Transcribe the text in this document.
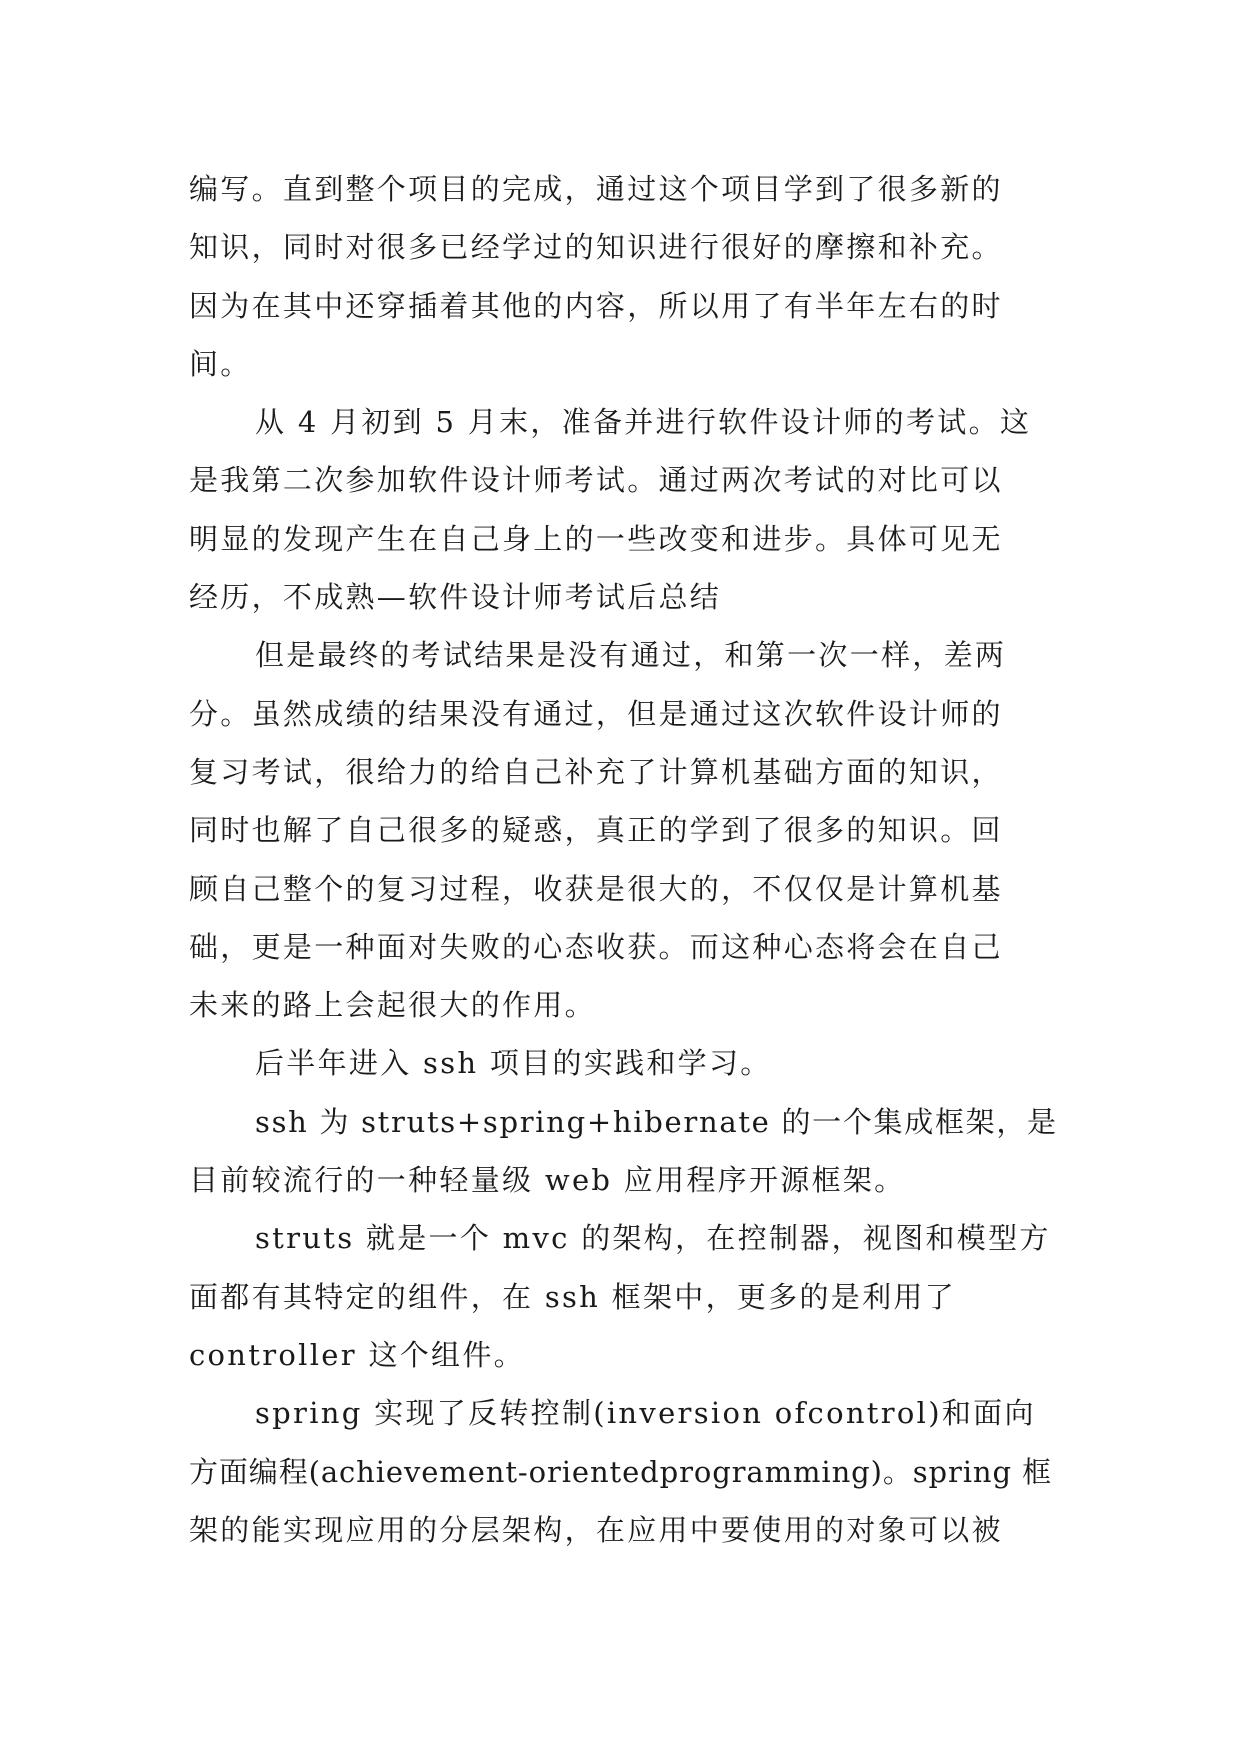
编写。直到整个项目的完成，通过这个项目学到了很多新的
知识，同时对很多已经学过的知识进行很好的摩擦和补充。
因为在其中还穿插着其他的内容，所以用了有半年左右的时
间。
从 4 月初到 5 月末，准备并进行软件设计师的考试。这
是我第二次参加软件设计师考试。通过两次考试的对比可以
明显的发现产生在自己身上的一些改变和进步。具体可见无
经历，不成熟—软件设计师考试后总结
但是最终的考试结果是没有通过，和第一次一样，差两
分。虽然成绩的结果没有通过，但是通过这次软件设计师的
复习考试，很给力的给自己补充了计算机基础方面的知识，
同时也解了自己很多的疑惑，真正的学到了很多的知识。回
顾自己整个的复习过程，收获是很大的，不仅仅是计算机基
础，更是一种面对失败的心态收获。而这种心态将会在自己
未来的路上会起很大的作用。
后半年进入 ssh 项目的实践和学习。
ssh 为 struts+spring+hibernate 的一个集成框架，是
目前较流行的一种轻量级 web 应用程序开源框架。
struts 就是一个 mvc 的架构，在控制器，视图和模型方
面都有其特定的组件，在 ssh 框架中，更多的是利用了
controller 这个组件。
spring 实现了反转控制(inversion ofcontrol)和面向
方面编程(achievement-orientedprogramming)。spring 框
架的能实现应用的分层架构，在应用中要使用的对象可以被
